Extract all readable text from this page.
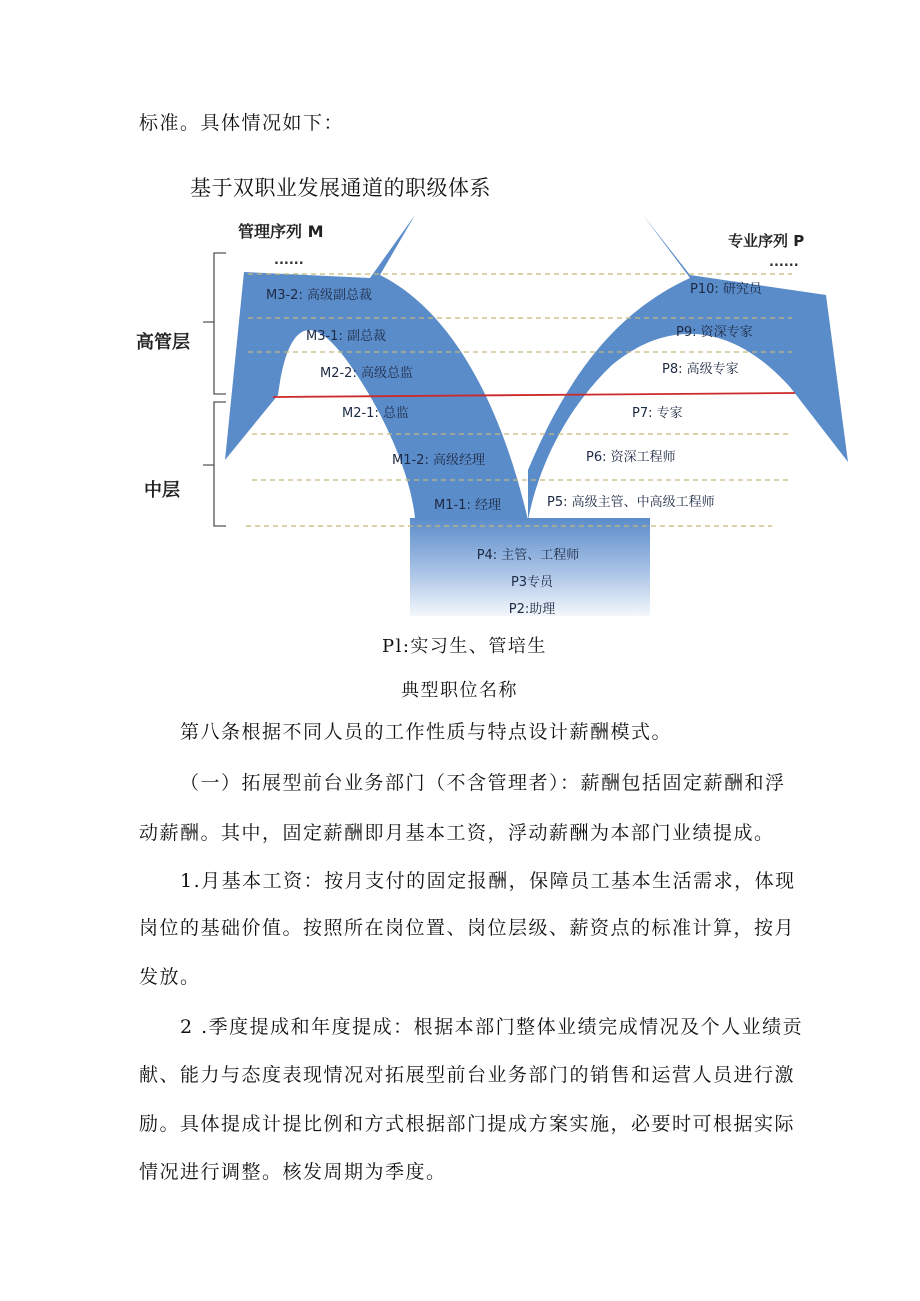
标准。具体情况如下：
基于双职业发展通道的职级体系
管理序列 M	专业序列 P
......	......
高管层
中层
M3-2: 高级副总裁
M3-1: 副总裁
M2-2: 高级总监
M2-1: 总监
M1-2: 高级经理
M1-1: 经理
P10: 研究员
P9: 资深专家
P8: 高级专家
P7: 专家
P6: 资深工程师
P5: 高级主管、中高级工程师
P4: 主管、工程师
P3专员
P2:助理
Pl:实习生、管培生
典型职位名称
第八条根据不同人员的工作性质与特点设计薪酬模式。
（一）拓展型前台业务部门（不含管理者）：薪酬包括固定薪酬和浮
动薪酬。其中，固定薪酬即月基本工资，浮动薪酬为本部门业绩提成。
1.月基本工资：按月支付的固定报酬，保障员工基本生活需求，体现
岗位的基础价值。按照所在岗位置、岗位层级、薪资点的标准计算，按月
发放。
2 .季度提成和年度提成：根据本部门整体业绩完成情况及个人业绩贡
献、能力与态度表现情况对拓展型前台业务部门的销售和运营人员进行激
励。具体提成计提比例和方式根据部门提成方案实施，必要时可根据实际
情况进行调整。核发周期为季度。
